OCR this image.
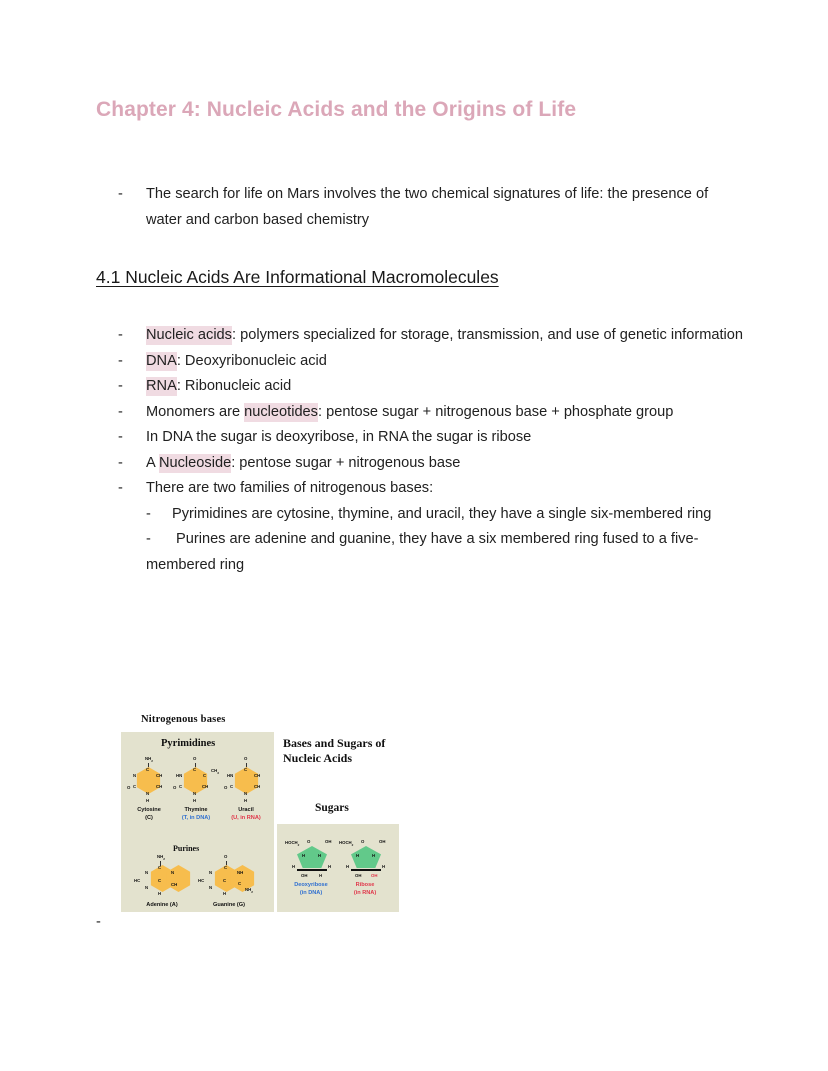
Chapter 4: Nucleic Acids and the Origins of Life
-	The search for life on Mars involves the two chemical signatures of life: the presence of water and carbon based chemistry
4.1 Nucleic Acids Are Informational Macromolecules
-	Nucleic acids: polymers specialized for storage, transmission, and use of genetic information
-	DNA: Deoxyribonucleic acid
-	RNA: Ribonucleic acid
-	Monomers are nucleotides: pentose sugar + nitrogenous base + phosphate group
-	In DNA the sugar is deoxyribose, in RNA the sugar is ribose
-	A Nucleoside: pentose sugar + nitrogenous base
-	There are two families of nitrogenous bases:
- Pyrimidines are cytosine, thymine, and uracil, they have a single six-membered ring
- Purines are adenine and guanine, they have a six membered ring fused to a five-membered ring
Nitrogenous bases
Pyrimidines
$NH_2$
C
N	CH
C	CH
N
O
H
Cytosine
(C)
O
C
HN	C
$CH_3$
C	CH
N
O
H
Thymine
(T, in DNA)
O
C
HN	CH
C	CH
N
O
H
Uracil
(U, in RNA)
Purines
$NH_2$
C
N	N
HC	C
N
CH
H
Adenine (A)
O
C
N	NH
HC	C
N
C
$NH_2$
H
Guanine (G)
Bases and Sugars of Nucleic Acids
Sugars
$HOCH_2$
O	OH
H	H
H	H
OH	H
Deoxyribose
(in DNA)
$HOCH_2$
O	OH
H	H
H	H
OH OH
Ribose
(in RNA)
-
